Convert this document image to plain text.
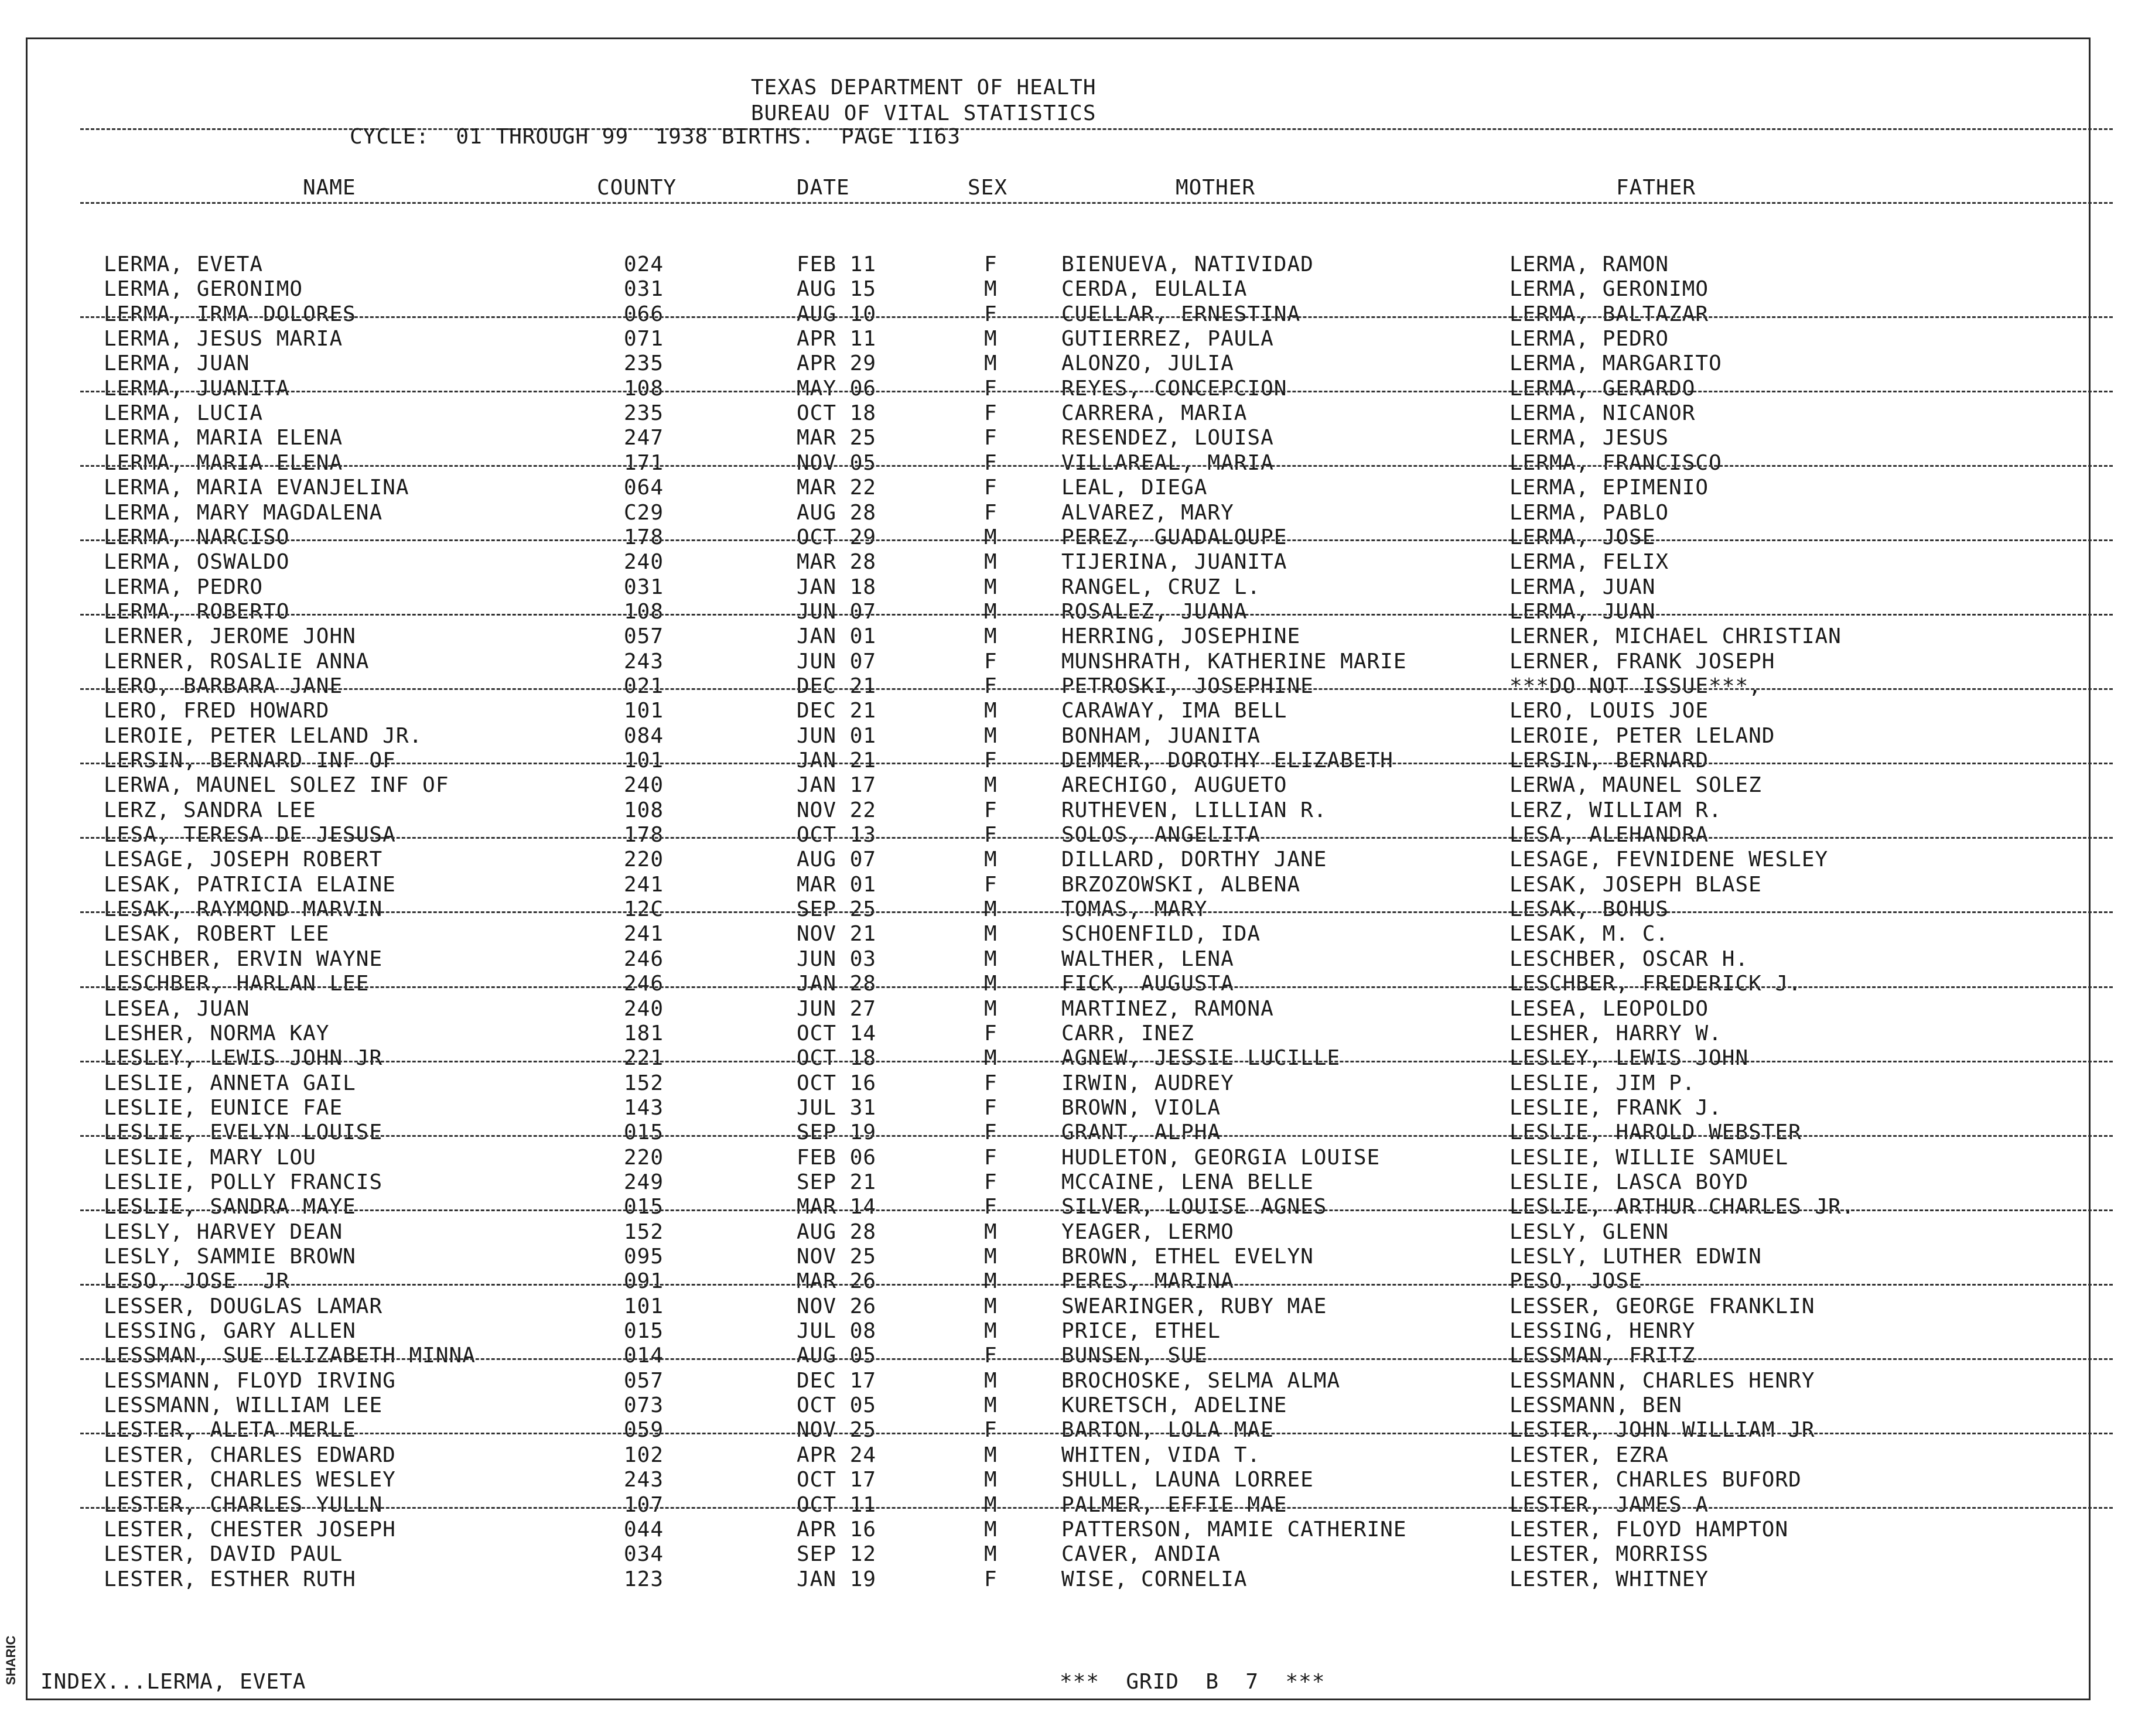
SHARIC
TEXAS DEPARTMENT OF HEALTH
BUREAU OF VITAL STATISTICS
CYCLE:  01 THROUGH 99  1938 BIRTHS.  PAGE 1163
NAME	COUNTY	DATE	SEX	MOTHER	FATHER
LERMA, EVETA	024	FEB 11	F	BIENUEVA, NATIVIDAD	LERMA, RAMON
LERMA, GERONIMO	031	AUG 15	M	CERDA, EULALIA	LERMA, GERONIMO
LERMA, IRMA DOLORES	066	AUG 10	F	CUELLAR, ERNESTINA	LERMA, BALTAZAR
LERMA, JESUS MARIA	071	APR 11	M	GUTIERREZ, PAULA	LERMA, PEDRO
LERMA, JUAN	235	APR 29	M	ALONZO, JULIA	LERMA, MARGARITO
LERMA, JUANITA	108	MAY 06	F	REYES, CONCEPCION	LERMA, GERARDO
LERMA, LUCIA	235	OCT 18	F	CARRERA, MARIA	LERMA, NICANOR
LERMA, MARIA ELENA	247	MAR 25	F	RESENDEZ, LOUISA	LERMA, JESUS
LERMA, MARIA ELENA	171	NOV 05	F	VILLAREAL, MARIA	LERMA, FRANCISCO
LERMA, MARIA EVANJELINA	064	MAR 22	F	LEAL, DIEGA	LERMA, EPIMENIO
LERMA, MARY MAGDALENA	C29	AUG 28	F	ALVAREZ, MARY	LERMA, PABLO
LERMA, NARCISO	178	OCT 29	M	PEREZ, GUADALOUPE	LERMA, JOSE
LERMA, OSWALDO	240	MAR 28	M	TIJERINA, JUANITA	LERMA, FELIX
LERMA, PEDRO	031	JAN 18	M	RANGEL, CRUZ L.	LERMA, JUAN
LERMA, ROBERTO	108	JUN 07	M	ROSALEZ, JUANA	LERMA, JUAN
LERNER, JEROME JOHN	057	JAN 01	M	HERRING, JOSEPHINE	LERNER, MICHAEL CHRISTIAN
LERNER, ROSALIE ANNA	243	JUN 07	F	MUNSHRATH, KATHERINE MARIE	LERNER, FRANK JOSEPH
LERO, BARBARA JANE	021	DEC 21	F	PETROSKI, JOSEPHINE	***DO NOT ISSUE***,
LERO, FRED HOWARD	101	DEC 21	M	CARAWAY, IMA BELL	LERO, LOUIS JOE
LEROIE, PETER LELAND JR.	084	JUN 01	M	BONHAM, JUANITA	LEROIE, PETER LELAND
LERSIN, BERNARD INF OF	101	JAN 21	F	DEMMER, DOROTHY ELIZABETH	LERSIN, BERNARD
LERWA, MAUNEL SOLEZ INF OF	240	JAN 17	M	ARECHIGO, AUGUETO	LERWA, MAUNEL SOLEZ
LERZ, SANDRA LEE	108	NOV 22	F	RUTHEVEN, LILLIAN R.	LERZ, WILLIAM R.
LESA, TERESA DE JESUSA	178	OCT 13	F	SOLOS, ANGELITA	LESA, ALEHANDRA
LESAGE, JOSEPH ROBERT	220	AUG 07	M	DILLARD, DORTHY JANE	LESAGE, FEVNIDENE WESLEY
LESAK, PATRICIA ELAINE	241	MAR 01	F	BRZOZOWSKI, ALBENA	LESAK, JOSEPH BLASE
LESAK, RAYMOND MARVIN	12C	SEP 25	M	TOMAS, MARY	LESAK, BOHUS
LESAK, ROBERT LEE	241	NOV 21	M	SCHOENFILD, IDA	LESAK, M. C.
LESCHBER, ERVIN WAYNE	246	JUN 03	M	WALTHER, LENA	LESCHBER, OSCAR H.
LESCHBER, HARLAN LEE	246	JAN 28	M	FICK, AUGUSTA	LESCHBER, FREDERICK J.
LESEA, JUAN	240	JUN 27	M	MARTINEZ, RAMONA	LESEA, LEOPOLDO
LESHER, NORMA KAY	181	OCT 14	F	CARR, INEZ	LESHER, HARRY W.
LESLEY, LEWIS JOHN JR	221	OCT 18	M	AGNEW, JESSIE LUCILLE	LESLEY, LEWIS JOHN
LESLIE, ANNETA GAIL	152	OCT 16	F	IRWIN, AUDREY	LESLIE, JIM P.
LESLIE, EUNICE FAE	143	JUL 31	F	BROWN, VIOLA	LESLIE, FRANK J.
LESLIE, EVELYN LOUISE	015	SEP 19	F	GRANT, ALPHA	LESLIE, HAROLD WEBSTER
LESLIE, MARY LOU	220	FEB 06	F	HUDLETON, GEORGIA LOUISE	LESLIE, WILLIE SAMUEL
LESLIE, POLLY FRANCIS	249	SEP 21	F	MCCAINE, LENA BELLE	LESLIE, LASCA BOYD
LESLIE, SANDRA MAYE	015	MAR 14	F	SILVER, LOUISE AGNES	LESLIE, ARTHUR CHARLES JR.
LESLY, HARVEY DEAN	152	AUG 28	M	YEAGER, LERMO	LESLY, GLENN
LESLY, SAMMIE BROWN	095	NOV 25	M	BROWN, ETHEL EVELYN	LESLY, LUTHER EDWIN
LESO, JOSE  JR	091	MAR 26	M	PERES, MARINA	PESO, JOSE
LESSER, DOUGLAS LAMAR	101	NOV 26	M	SWEARINGER, RUBY MAE	LESSER, GEORGE FRANKLIN
LESSING, GARY ALLEN	015	JUL 08	M	PRICE, ETHEL	LESSING, HENRY
LESSMAN, SUE ELIZABETH MINNA	014	AUG 05	F	BUNSEN, SUE	LESSMAN, FRITZ
LESSMANN, FLOYD IRVING	057	DEC 17	M	BROCHOSKE, SELMA ALMA	LESSMANN, CHARLES HENRY
LESSMANN, WILLIAM LEE	073	OCT 05	M	KURETSCH, ADELINE	LESSMANN, BEN
LESTER, ALETA MERLE	059	NOV 25	F	BARTON, LOLA MAE	LESTER, JOHN WILLIAM JR
LESTER, CHARLES EDWARD	102	APR 24	M	WHITEN, VIDA T.	LESTER, EZRA
LESTER, CHARLES WESLEY	243	OCT 17	M	SHULL, LAUNA LORREE	LESTER, CHARLES BUFORD
LESTER, CHARLES YULLN	107	OCT 11	M	PALMER, EFFIE MAE	LESTER, JAMES A
LESTER, CHESTER JOSEPH	044	APR 16	M	PATTERSON, MAMIE CATHERINE	LESTER, FLOYD HAMPTON
LESTER, DAVID PAUL	034	SEP 12	M	CAVER, ANDIA	LESTER, MORRISS
LESTER, ESTHER RUTH	123	JAN 19	F	WISE, CORNELIA	LESTER, WHITNEY
INDEX...LERMA, EVETA	***  GRID  B  7  ***
